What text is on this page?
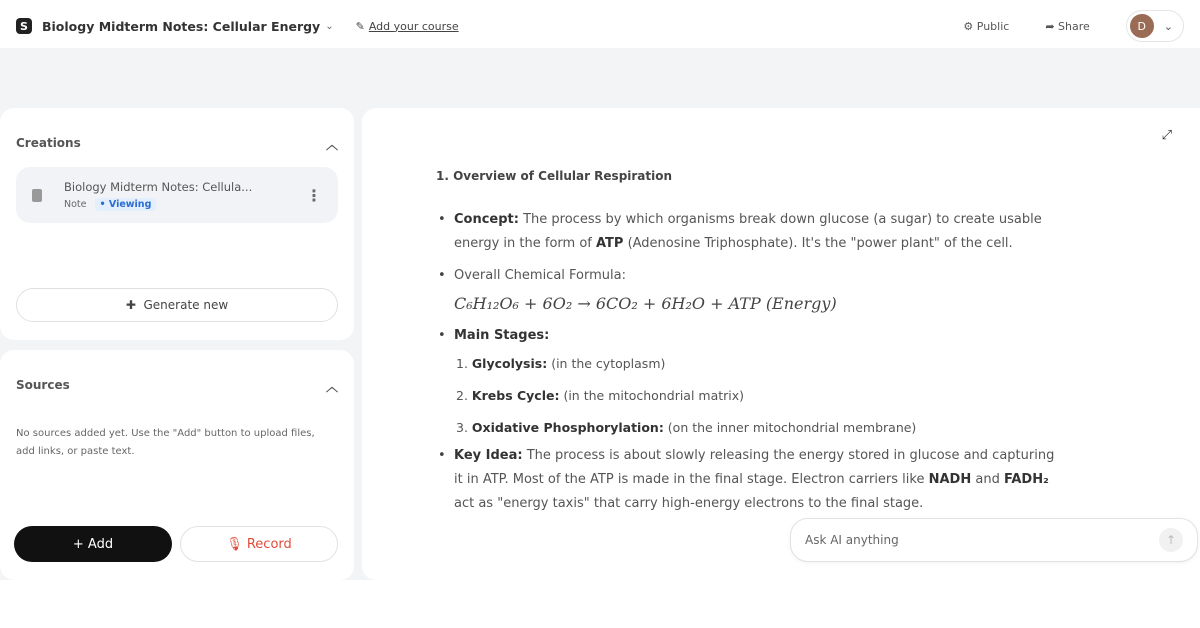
S	Biology Midterm Notes: Cellular Energy ⌄ ✎ Add your course	⚙ Public	➦ Share	D	⌄
Creations	︿
Biology Midterm Notes: Cellula...
Note • Viewing	⋮
✚ Generate new
Sources	︿

No sources added yet. Use the "Add" button to upload files, add links, or paste text.

+ Add	🎙
Record
⤢
1. Overview of Cellular Respiration
• Concept: The process by which organisms break down glucose (a sugar) to create usable energy in the form of ATP (Adenosine Triphosphate). It's the "power plant" of the cell.
• Overall Chemical Formula:
C₆H₁₂O₆ + 6O₂ → 6CO₂ + 6H₂O + ATP (Energy)
• Main Stages:
1. Glycolysis: (in the cytoplasm)
2. Krebs Cycle: (in the mitochondrial matrix)
3. Oxidative Phosphorylation: (on the inner mitochondrial membrane)
• Key Idea: The process is about slowly releasing the energy stored in glucose and capturing it in ATP. Most of the ATP is made in the final stage. Electron carriers like NADH and FADH₂ act as "energy taxis" that carry high-energy electrons to the final stage.
Ask AI anything	↑
